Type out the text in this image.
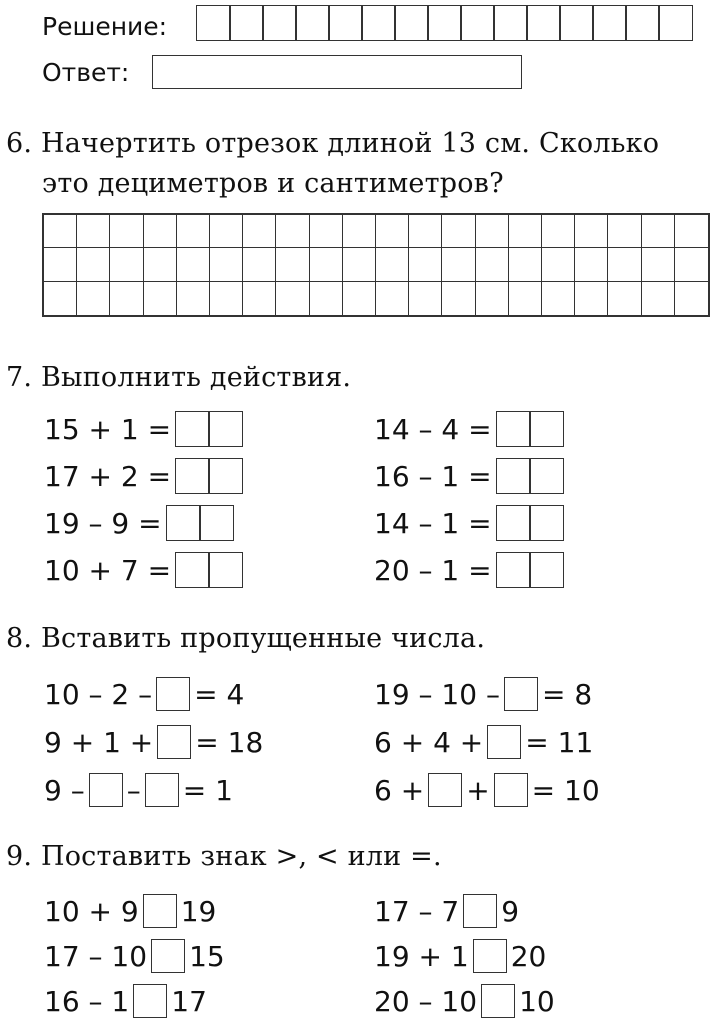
Решение:
Ответ:
6. Начертить отрезок длиной 13 см. Сколько
это дециметров и сантиметров?
7. Выполнить действия.
15 + 1 =
17 + 2 =
19 – 9 =
10 + 7 =
14 – 4 =
16 – 1 =
14 – 1 =
20 – 1 =
8. Вставить пропущенные числа.
10 – 2 – = 4
9 + 1 + = 18
9 – – = 1
19 – 10 – = 8
6 + 4 + = 11
6 + + = 10
9. Поставить знак >, < или =.
10 + 9 19
17 – 10 15
16 – 1 17
17 – 7 9
19 + 1 20
20 – 10 10
